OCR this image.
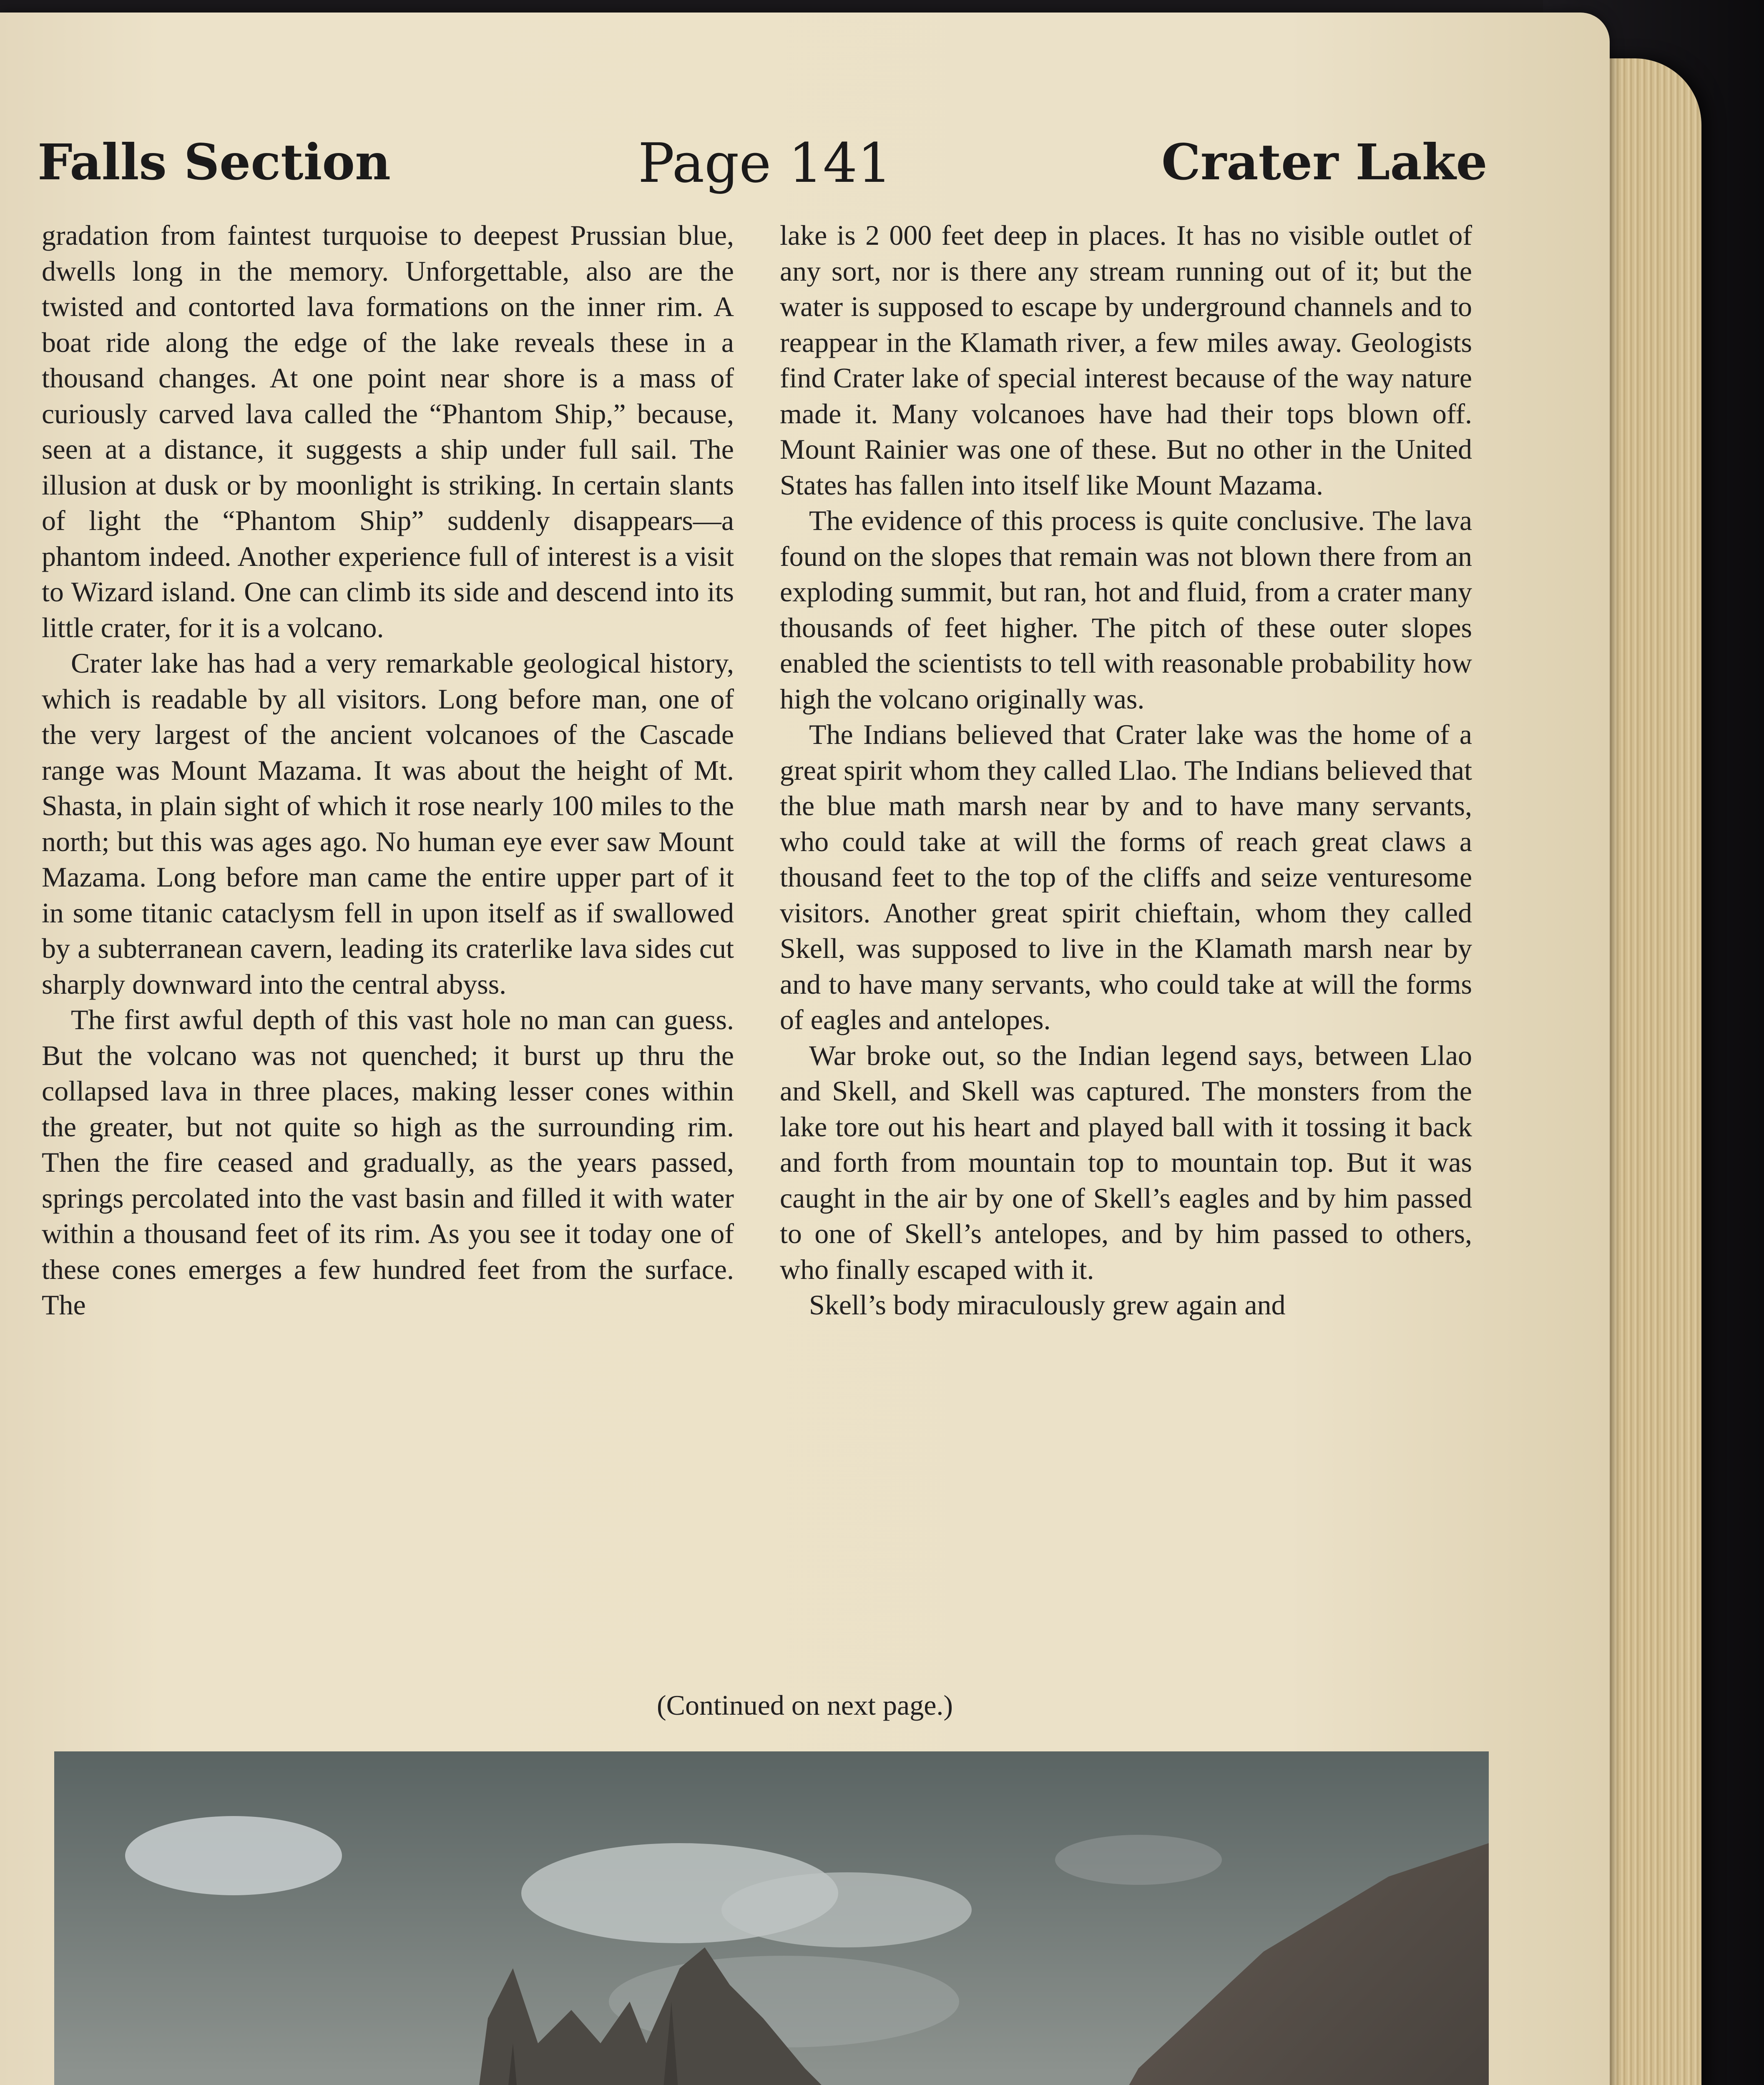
Falls Section	Page 141	Crater Lake

gradation from faintest turquoise to deepest Prussian blue, dwells long in the memory. Unforgettable, also are the twisted and contorted lava formations on the inner rim. A boat ride along the edge of the lake reveals these in a thousand changes. At one point near shore is a mass of curiously carved lava called the “Phantom Ship,” because, seen at a distance, it suggests a ship under full sail. The illusion at dusk or by moonlight is striking. In certain slants of light the “Phantom Ship” suddenly disappears—a phantom indeed. Another experience full of interest is a visit to Wizard island. One can climb its side and descend into its little crater, for it is a volcano.

Crater lake has had a very remarkable geological history, which is readable by all visitors. Long before man, one of the very largest of the ancient volcanoes of the Cascade range was Mount Mazama. It was about the height of Mt. Shasta, in plain sight of which it rose nearly 100 miles to the north; but this was ages ago. No human eye ever saw Mount Mazama. Long before man came the entire upper part of it in some titanic cataclysm fell in upon itself as if swallowed by a subterranean cavern, leading its craterlike lava sides cut sharply downward into the central abyss.

The first awful depth of this vast hole no man can guess. But the volcano was not quenched; it burst up thru the collapsed lava in three places, making lesser cones within the greater, but not quite so high as the surrounding rim. Then the fire ceased and gradually, as the years passed, springs percolated into the vast basin and filled it with water within a thousand feet of its rim. As you see it today one of these cones emerges a few hundred feet from the surface. The

lake is 2 000 feet deep in places. It has no visible outlet of any sort, nor is there any stream running out of it; but the water is supposed to escape by underground channels and to reappear in the Klamath river, a few miles away. Geologists find Crater lake of special interest because of the way nature made it. Many volcanoes have had their tops blown off. Mount Rainier was one of these. But no other in the United States has fallen into itself like Mount Mazama.

The evidence of this process is quite conclusive. The lava found on the slopes that remain was not blown there from an exploding summit, but ran, hot and fluid, from a crater many thousands of feet higher. The pitch of these outer slopes enabled the scientists to tell with reasonable probability how high the volcano originally was.

The Indians believed that Crater lake was the home of a great spirit whom they called Llao. The Indians believed that the blue math marsh near by and to have many servants, who could take at will the forms of reach great claws a thousand feet to the top of the cliffs and seize venturesome visitors. Another great spirit chieftain, whom they called Skell, was supposed to live in the Klamath marsh near by and to have many servants, who could take at will the forms of eagles and antelopes.

War broke out, so the Indian legend says, between Llao and Skell, and Skell was captured. The monsters from the lake tore out his heart and played ball with it tossing it back and forth from mountain top to mountain top. But it was caught in the air by one of Skell’s eagles and by him passed to one of Skell’s antelopes, and by him passed to others, who finally escaped with it.

Skell’s body miraculously grew again and

(Continued on next page.)
